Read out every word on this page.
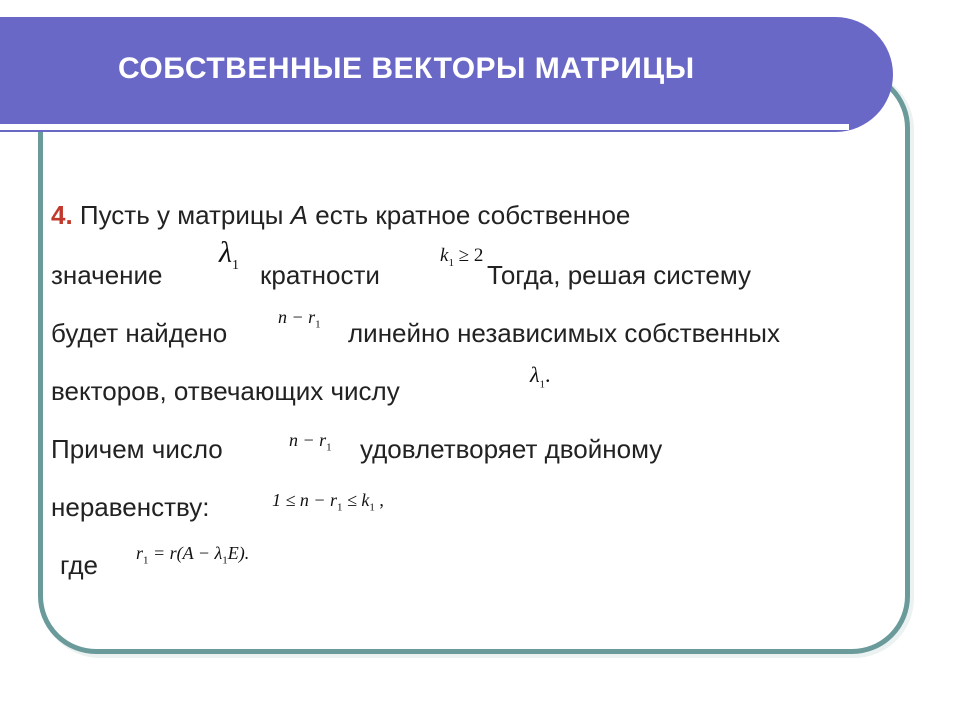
СОБСТВЕННЫЕ ВЕКТОРЫ МАТРИЦЫ

4. Пусть у матрицы A есть кратное собственное

значение

$\lambda_1$ кратности

$k_1 \ge 2$

Тогда, решая систему

будет найдено

$n - r_1$ линейно независимых собственных

векторов, отвечающих числу

$\lambda_1$.

Причем число	$n - r_1$ удовлетворяет двойному

неравенству:	$1 \le n - r_1 \le k_1$ ,

где $r_1 = r(A - \lambda_1E)$.
